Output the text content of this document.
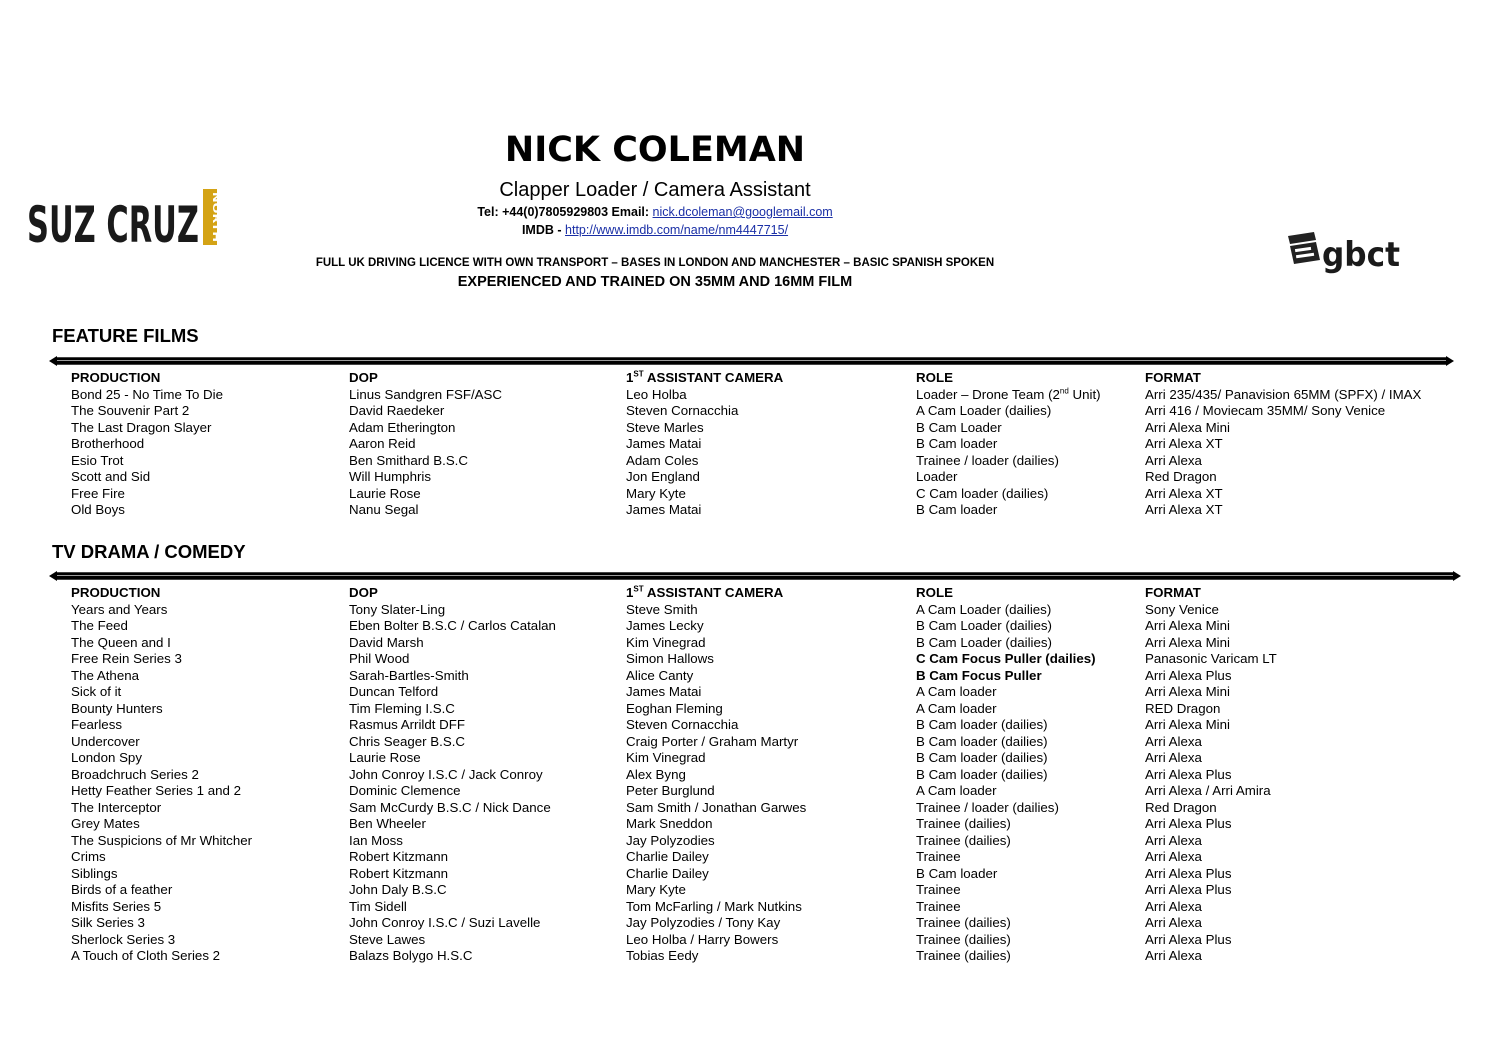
NICK COLEMAN
Clapper Loader / Camera Assistant
Tel: +44(0)7805929803 Email: nick.dcoleman@googlemail.com
IMDB - http://www.imdb.com/name/nm4447715/
FULL UK DRIVING LICENCE WITH OWN TRANSPORT – BASES IN LONDON AND MANCHESTER – BASIC SPANISH SPOKEN
EXPERIENCED AND TRAINED ON 35MM AND 16MM FILM
SUZ CRUZ NORTH
gbct
FEATURE FILMS
PRODUCTION	DOP	1ST ASSISTANT CAMERA	ROLE	FORMAT
Bond 25 - No Time To Die	Linus Sandgren FSF/ASC	Leo Holba	Loader – Drone Team (2nd Unit)	Arri 235/435/ Panavision 65MM (SPFX) / IMAX
The Souvenir Part 2	David Raedeker	Steven Cornacchia	A Cam Loader (dailies)	Arri 416 / Moviecam 35MM/ Sony Venice
The Last Dragon Slayer	Adam Etherington	Steve Marles	B Cam Loader	Arri Alexa Mini
Brotherhood	Aaron Reid	James Matai	B Cam loader	Arri Alexa XT
Esio Trot	Ben Smithard B.S.C	Adam Coles	Trainee / loader (dailies)	Arri Alexa
Scott and Sid	Will Humphris	Jon England	Loader	Red Dragon
Free Fire	Laurie Rose	Mary Kyte	C Cam loader (dailies)	Arri Alexa XT
Old Boys	Nanu Segal	James Matai	B Cam loader	Arri Alexa XT
TV DRAMA / COMEDY
PRODUCTION	DOP	1ST ASSISTANT CAMERA	ROLE	FORMAT
Years and Years	Tony Slater-Ling	Steve Smith	A Cam Loader (dailies)	Sony Venice
The Feed	Eben Bolter B.S.C / Carlos Catalan	James Lecky	B Cam Loader (dailies)	Arri Alexa Mini
The Queen and I	David Marsh	Kim Vinegrad	B Cam Loader (dailies)	Arri Alexa Mini
Free Rein Series 3	Phil Wood	Simon Hallows	C Cam Focus Puller (dailies)	Panasonic Varicam LT
The Athena	Sarah-Bartles-Smith	Alice Canty	B Cam Focus Puller	Arri Alexa Plus
Sick of it	Duncan Telford	James Matai	A Cam loader	Arri Alexa Mini
Bounty Hunters	Tim Fleming I.S.C	Eoghan Fleming	A Cam loader	RED Dragon
Fearless	Rasmus Arrildt DFF	Steven Cornacchia	B Cam loader (dailies)	Arri Alexa Mini
Undercover	Chris Seager B.S.C	Craig Porter / Graham Martyr	B Cam loader (dailies)	Arri Alexa
London Spy	Laurie Rose	Kim Vinegrad	B Cam loader (dailies)	Arri Alexa
Broadchruch Series 2	John Conroy I.S.C / Jack Conroy	Alex Byng	B Cam loader (dailies)	Arri Alexa Plus
Hetty Feather Series 1 and 2	Dominic Clemence	Peter Burglund	A Cam loader	Arri Alexa / Arri Amira
The Interceptor	Sam McCurdy B.S.C / Nick Dance	Sam Smith / Jonathan Garwes	Trainee / loader (dailies)	Red Dragon
Grey Mates	Ben Wheeler	Mark Sneddon	Trainee (dailies)	Arri Alexa Plus
The Suspicions of Mr Whitcher	Ian Moss	Jay Polyzodies	Trainee (dailies)	Arri Alexa
Crims	Robert Kitzmann	Charlie Dailey	Trainee	Arri Alexa
Siblings	Robert Kitzmann	Charlie Dailey	B Cam loader	Arri Alexa Plus
Birds of a feather	John Daly B.S.C	Mary Kyte	Trainee	Arri Alexa Plus
Misfits Series 5	Tim Sidell	Tom McFarling / Mark Nutkins	Trainee	Arri Alexa
Silk Series 3	John Conroy I.S.C / Suzi Lavelle	Jay Polyzodies / Tony Kay	Trainee (dailies)	Arri Alexa
Sherlock Series 3	Steve Lawes	Leo Holba / Harry Bowers	Trainee (dailies)	Arri Alexa Plus
A Touch of Cloth Series 2	Balazs Bolygo H.S.C	Tobias Eedy	Trainee (dailies)	Arri Alexa
